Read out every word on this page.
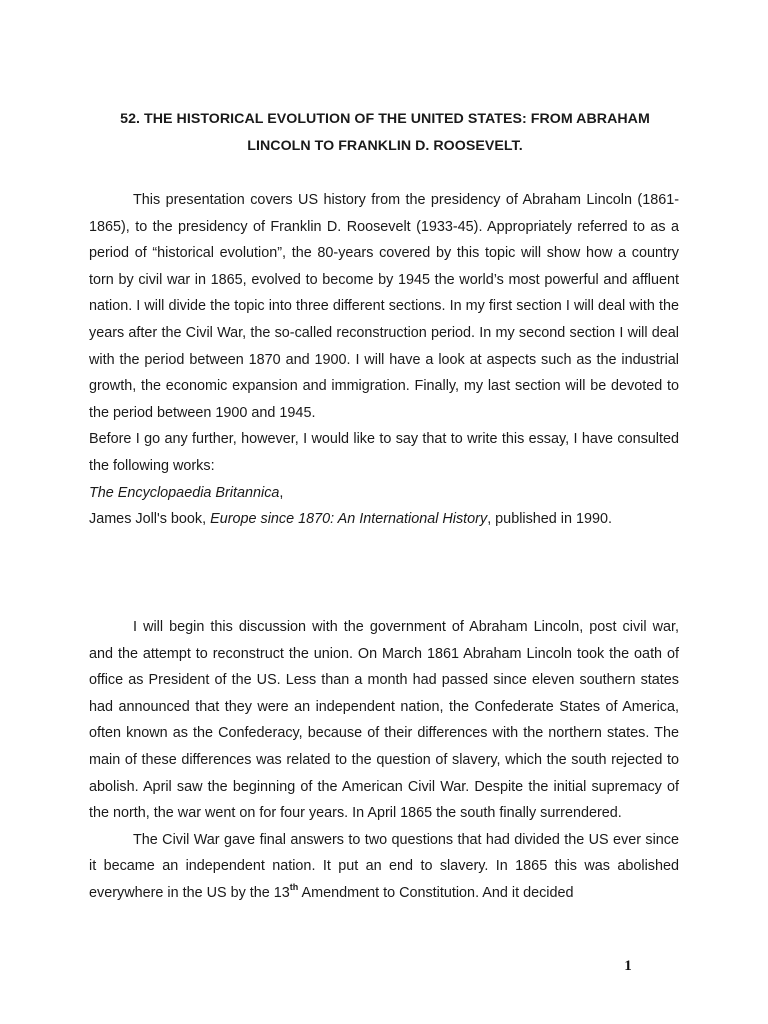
52. THE HISTORICAL EVOLUTION OF THE UNITED STATES: FROM ABRAHAM
LINCOLN TO FRANKLIN D. ROOSEVELT.

This presentation covers US history from the presidency of Abraham Lincoln (1861-1865), to the presidency of Franklin D. Roosevelt (1933-45). Appropriately referred to as a period of “historical evolution”, the 80-years covered by this topic will show how a country torn by civil war in 1865, evolved to become by 1945 the world’s most powerful and affluent nation. I will divide the topic into three different sections. In my first section I will deal with the years after the Civil War, the so-called reconstruction period. In my second section I will deal with the period between 1870 and 1900. I will have a look at aspects such as the industrial growth, the economic expansion and immigration. Finally, my last section will be devoted to the period between 1900 and 1945.

Before I go any further, however, I would like to say that to write this essay, I have consulted the following works:

The Encyclopaedia Britannica,

James Joll's book, Europe since 1870: An International History, published in 1990.

I will begin this discussion with the government of Abraham Lincoln, post civil war, and the attempt to reconstruct the union. On March 1861 Abraham Lincoln took the oath of office as President of the US. Less than a month had passed since eleven southern states had announced that they were an independent nation, the Confederate States of America, often known as the Confederacy, because of their differences with the northern states. The main of these differences was related to the question of slavery, which the south rejected to abolish. April saw the beginning of the American Civil War. Despite the initial supremacy of the north, the war went on for four years. In April 1865 the south finally surrendered.

The Civil War gave final answers to two questions that had divided the US ever since it became an independent nation. It put an end to slavery. In 1865 this was abolished everywhere in the US by the 13th Amendment to Constitution. And it decided

1
